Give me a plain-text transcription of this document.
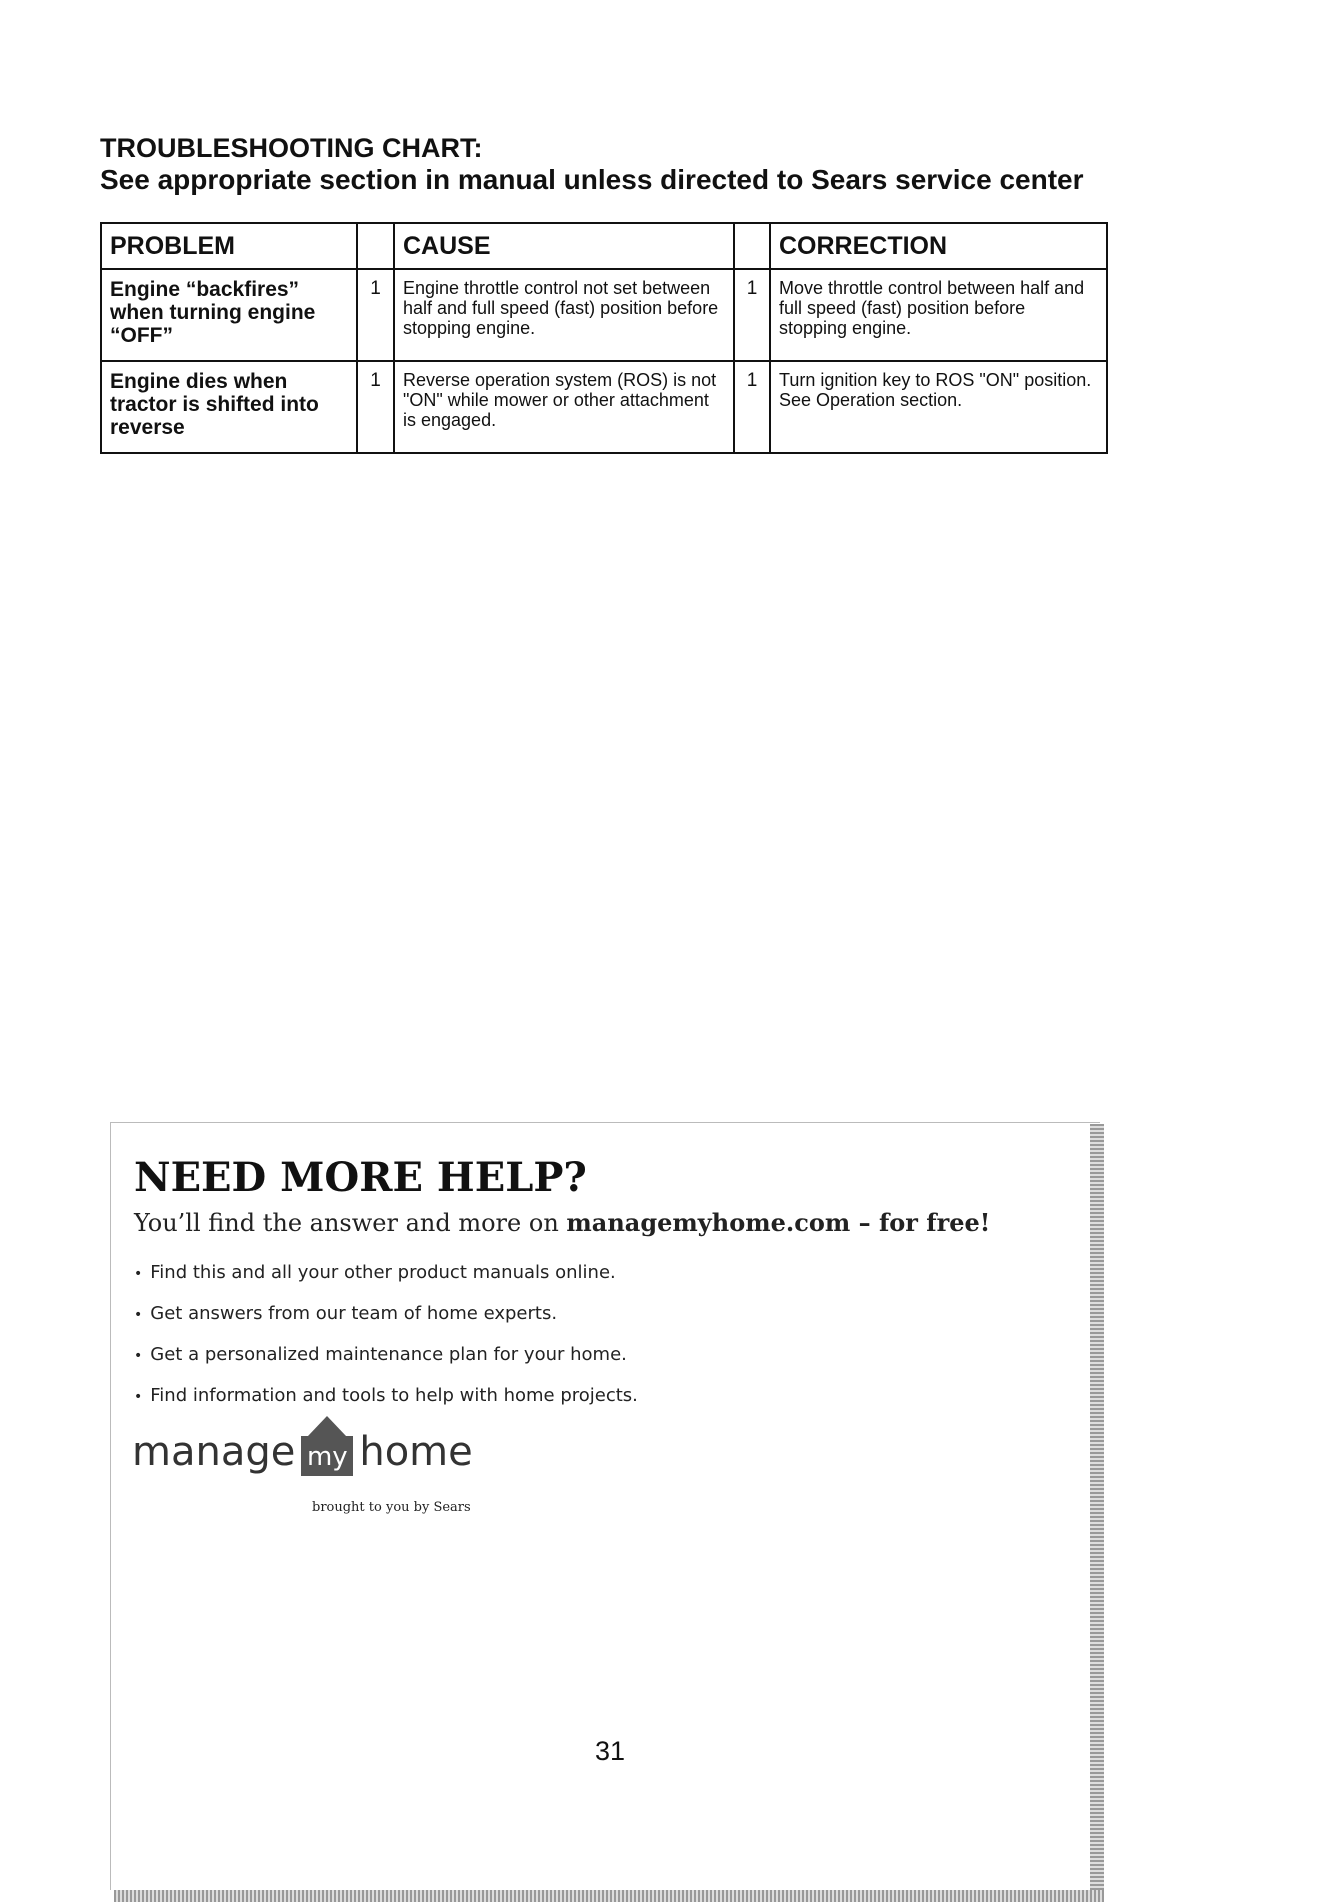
TROUBLESHOOTING CHART:
See appropriate section in manual unless directed to Sears service center
PROBLEM		CAUSE		CORRECTION
Engine “backfires” when turning engine “OFF”	1	Engine throttle control not set between half and full speed (fast) position before stopping engine.	1	Move throttle control between half and full speed (fast) position before stopping engine.
Engine dies when tractor is shifted into reverse	1	Reverse operation system (ROS) is not "ON" while mower or other attachment is engaged.	1	Turn ignition key to ROS "ON" position. See Operation section.
NEED MORE HELP?

You’ll find the answer and more on managemyhome.com – for free!

• Find this and all your other product manuals online.
• Get answers from our team of home experts.
• Get a personalized maintenance plan for your home.
• Find information and tools to help with home projects.
manage my home

brought to you by Sears

31
